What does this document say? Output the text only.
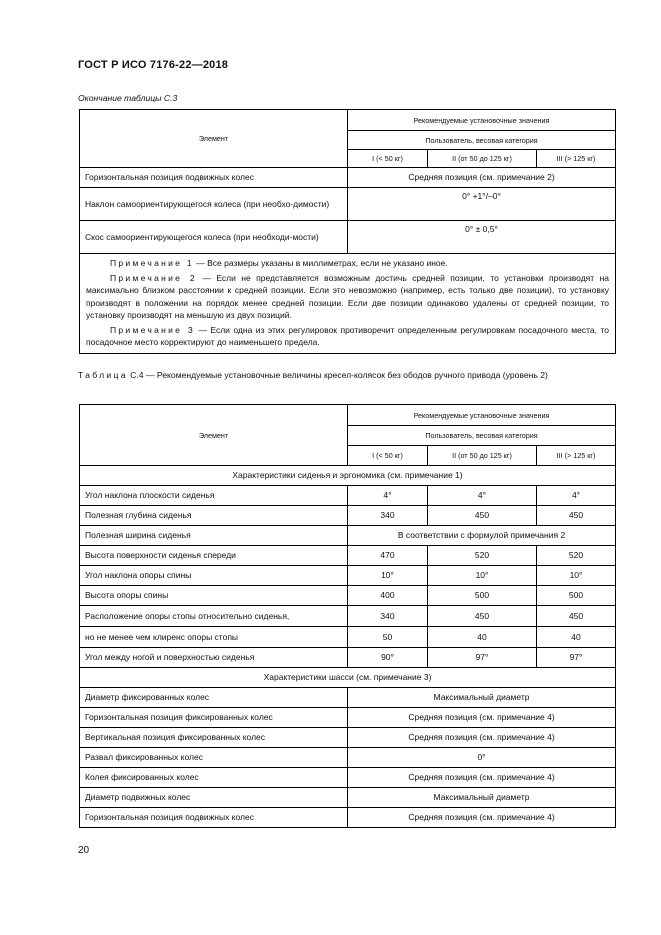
ГОСТ Р ИСО 7176-22—2018
Окончание таблицы С.3
Элемент	Рекомендуемые установочные значения		
	Пользователь, весовая категория		
	I (< 50 кг)	II (от 50 до 125 кг)	III (> 125 кг)
Горизонтальная позиция подвижных колес	Средняя позиция (см. примечание 2)		
Наклон самоориентирующегося колеса (при необхо-димости)	0° +1°/–0°		
Скос самоориентирующегося колеса (при необходи-мости)	0° ± 0,5°		

Примечание 1 — Все размеры указаны в миллиметрах, если не указано иное.

Примечание 2 — Если не представляется возможным достичь средней позиции, то установки производят на максимально близком расстоянии к средней позиции. Если это невозможно (например, есть только две позиции), то установку производят в положении на порядок менее средней позиции. Если две позиции одинаково удалены от средней позиции, то установку производят на меньшую из двух позиций.

Примечание 3 — Если одна из этих регулировок противоречит определенным регулировкам посадочного места, то посадочное место корректируют до наименьшего предела.			

Таблица С.4 — Рекомендуемые установочные величины кресел-колясок без ободов ручного привода (уровень 2)
Элемент	Рекомендуемые установочные значения		
	Пользователь, весовая категория		
	I (< 50 кг)	II (от 50 до 125 кг)	III (> 125 кг)
Характеристики сиденья и эргономика (см. примечание 1)			
Угол наклона плоскости сиденья	4°	4°	4°
Полезная глубина сиденья	340	450	450
Полезная ширина сиденья	В соответствии с формулой примечания 2		
Высота поверхности сиденья спереди	470	520	520
Угол наклона опоры спины	10°	10°	10°
Высота опоры спины	400	500	500
Расположение опоры стопы относительно сиденья,	340	450	450
но не менее чем клиренс опоры стопы	50	40	40
Угол между ногой и поверхностью сиденья	90°	97°	97°
Характеристики шасси (см. примечание 3)			
Диаметр фиксированных колес	Максимальный диаметр		
Горизонтальная позиция фиксированных колес	Средняя позиция (см. примечание 4)		
Вертикальная позиция фиксированных колес	Средняя позиция (см. примечание 4)		
Развал фиксированных колес	0°		
Колея фиксированных колес	Средняя позиция (см. примечание 4)		
Диаметр подвижных колес	Максимальный диаметр		
Горизонтальная позиция подвижных колес	Средняя позиция (см. примечание 4)		
20
